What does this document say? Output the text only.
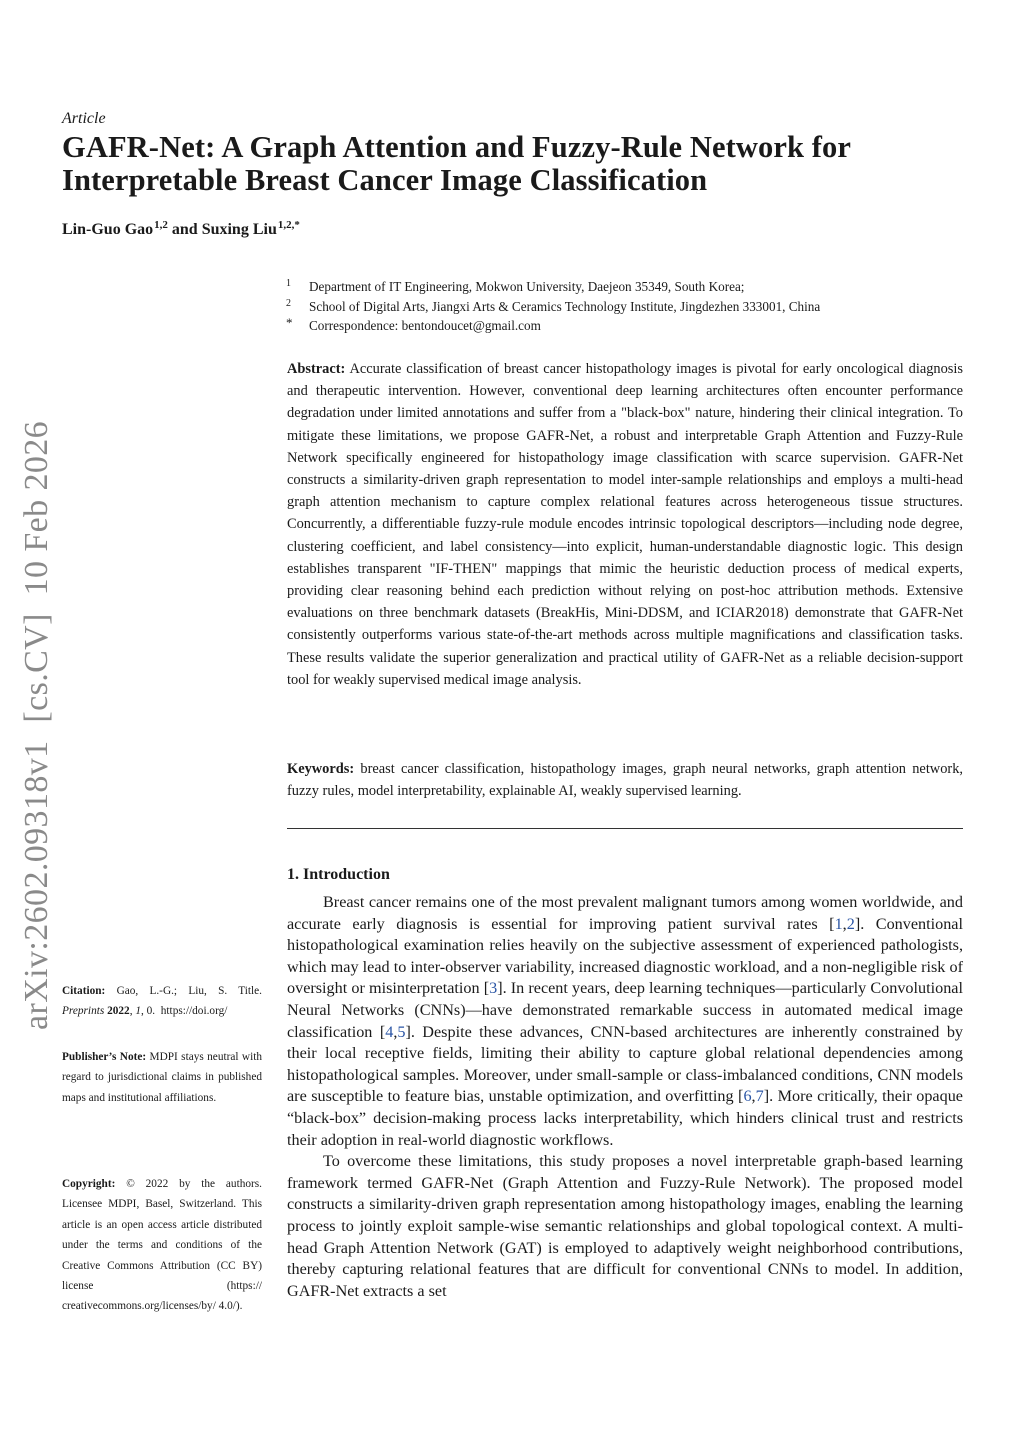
Article
GAFR-Net: A Graph Attention and Fuzzy-Rule Network for Interpretable Breast Cancer Image Classification
Lin-Guo Gao$^{1,2}$ and Suxing Liu$^{1,2,*}$
1	Department of IT Engineering, Mokwon University, Daejeon 35349, South Korea;
2	School of Digital Arts, Jiangxi Arts & Ceramics Technology Institute, Jingdezhen 333001, China
*	Correspondence: bentondoucet@gmail.com
Abstract: Accurate classification of breast cancer histopathology images is pivotal for early oncological diagnosis and therapeutic intervention. However, conventional deep learning architectures often encounter performance degradation under limited annotations and suffer from a "black-box" nature, hindering their clinical integration. To mitigate these limitations, we propose GAFR-Net, a robust and interpretable Graph Attention and Fuzzy-Rule Network specifically engineered for histopathology image classification with scarce supervision. GAFR-Net constructs a similarity-driven graph representation to model inter-sample relationships and employs a multi-head graph attention mechanism to capture complex relational features across heterogeneous tissue structures. Concurrently, a differentiable fuzzy-rule module encodes intrinsic topological descriptors—including node degree, clustering coefficient, and label consistency—into explicit, human-understandable diagnostic logic. This design establishes transparent "IF-THEN" mappings that mimic the heuristic deduction process of medical experts, providing clear reasoning behind each prediction without relying on post-hoc attribution methods. Extensive evaluations on three benchmark datasets (BreakHis, Mini-DDSM, and ICIAR2018) demonstrate that GAFR-Net consistently outperforms various state-of-the-art methods across multiple magnifications and classification tasks. These results validate the superior generalization and practical utility of GAFR-Net as a reliable decision-support tool for weakly supervised medical image analysis.
Keywords: breast cancer classification, histopathology images, graph neural networks, graph attention network, fuzzy rules, model interpretability, explainable AI, weakly supervised learning.
1. Introduction

Breast cancer remains one of the most prevalent malignant tumors among women worldwide, and accurate early diagnosis is essential for improving patient survival rates [1,2]. Conventional histopathological examination relies heavily on the subjective assessment of experienced pathologists, which may lead to inter-observer variability, increased diagnostic workload, and a non-negligible risk of oversight or misinterpretation [3]. In recent years, deep learning techniques—particularly Convolutional Neural Networks (CNNs)—have demonstrated remarkable success in automated medical image classification [4,5]. Despite these advances, CNN-based architectures are inherently constrained by their local receptive fields, limiting their ability to capture global relational dependencies among histopathological samples. Moreover, under small-sample or class-imbalanced conditions, CNN models are susceptible to feature bias, unstable optimization, and overfitting [6,7]. More critically, their opaque “black-box” decision-making process lacks interpretability, which hinders clinical trust and restricts their adoption in real-world diagnostic workflows.

To overcome these limitations, this study proposes a novel interpretable graph-based learning framework termed GAFR-Net (Graph Attention and Fuzzy-Rule Network). The proposed model constructs a similarity-driven graph representation among histopathology images, enabling the learning process to jointly exploit sample-wise semantic relationships and global topological context. A multi-head Graph Attention Network (GAT) is employed to adaptively weight neighborhood contributions, thereby capturing relational features that are difficult for conventional CNNs to model. In addition, GAFR-Net extracts a set

arXiv:2602.09318v1  [cs.CV]  10 Feb 2026 Citation: Gao, L.-G.; Liu, S. Title. Preprints 2022, 1, 0.  https://doi.org/
Publisher’s Note: MDPI stays neutral with regard to jurisdictional claims in published maps and institutional affiliations.
Copyright: © 2022 by the authors. Licensee MDPI, Basel, Switzerland. This article is an open access article distributed under the terms and conditions of the Creative Commons Attribution (CC BY) license (https:// creativecommons.org/licenses/by/ 4.0/).
